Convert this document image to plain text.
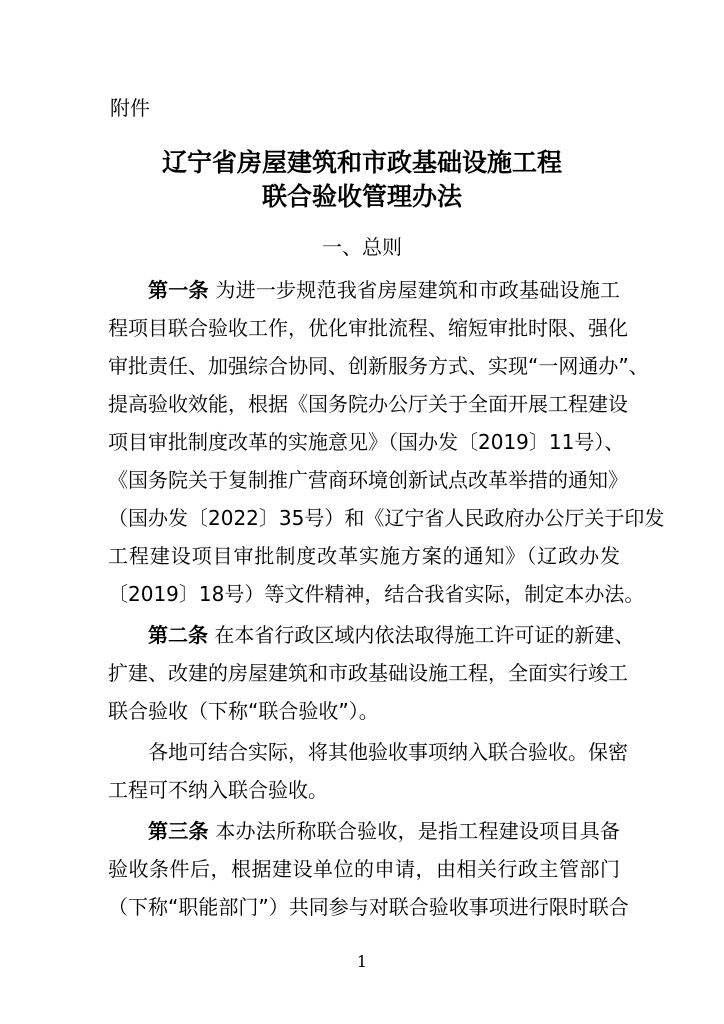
附件
辽宁省房屋建筑和市政基础设施工程
联合验收管理办法
一、总则
第一条 为进一步规范我省房屋建筑和市政基础设施工
程项目联合验收工作，优化审批流程、缩短审批时限、强化
审批责任、加强综合协同、创新服务方式、实现“一网通办”、
提高验收效能，根据《国务院办公厅关于全面开展工程建设
项目审批制度改革的实施意见》（国办发〔2019〕11号）、
《国务院关于复制推广营商环境创新试点改革举措的通知》
（国办发〔2022〕35号）和《辽宁省人民政府办公厅关于印发
工程建设项目审批制度改革实施方案的通知》（辽政办发
〔2019〕18号）等文件精神，结合我省实际，制定本办法。
第二条 在本省行政区域内依法取得施工许可证的新建、
扩建、改建的房屋建筑和市政基础设施工程，全面实行竣工
联合验收（下称“联合验收”）。
各地可结合实际，将其他验收事项纳入联合验收。保密
工程可不纳入联合验收。
第三条 本办法所称联合验收，是指工程建设项目具备
验收条件后，根据建设单位的申请，由相关行政主管部门
（下称“职能部门”）共同参与对联合验收事项进行限时联合
1
